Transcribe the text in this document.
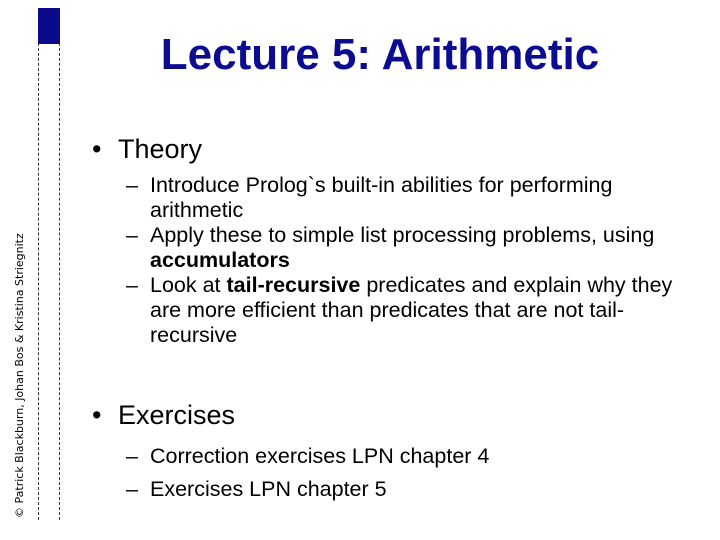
© Patrick Blackburn, Johan Bos & Kristina Striegnitz
Lecture 5: Arithmetic
• Theory
– Introduce Prolog`s built-in abilities for performing arithmetic
– Apply these to simple list processing problems, using accumulators
– Look at tail-recursive predicates and explain why they are more efficient than predicates that are not tail-recursive
• Exercises
– Correction exercises LPN chapter 4
– Exercises LPN chapter 5
